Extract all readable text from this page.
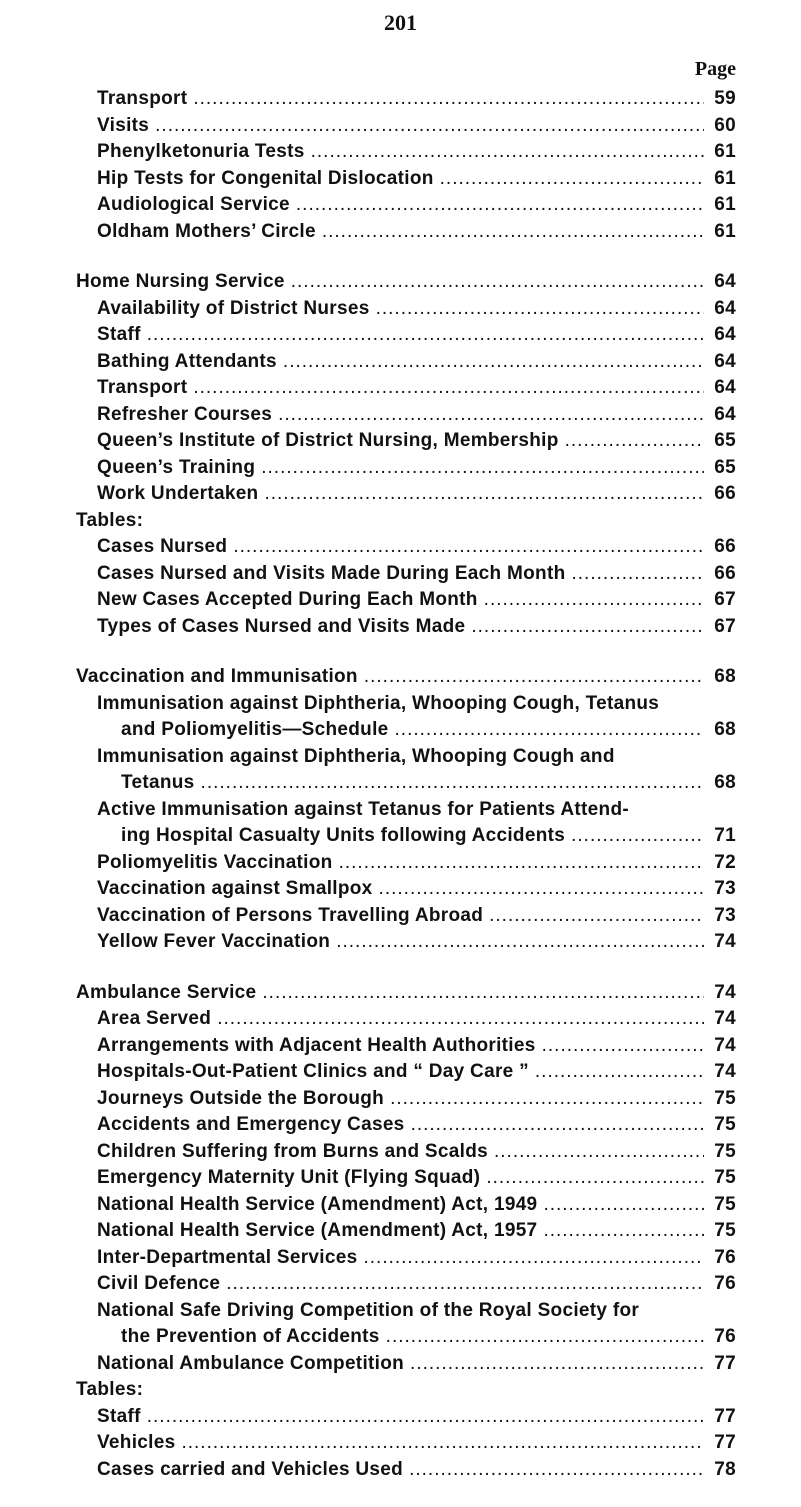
201
Page
Transport .....	59
Visits .....	60
Phenylketonuria Tests .....	61
Hip Tests for Congenital Dislocation .....	61
Audiological Service .....	61
Oldham Mothers’ Circle .....	61
Home Nursing Service .....	64
Availability of District Nurses .....	64
Staff .....	64
Bathing Attendants .....	64
Transport .....	64
Refresher Courses .....	64
Queen’s Institute of District Nursing, Membership .....	65
Queen’s Training .....	65
Work Undertaken .....	66
Tables:
Cases Nursed .....	66
Cases Nursed and Visits Made During Each Month .....	66
New Cases Accepted During Each Month .....	67
Types of Cases Nursed and Visits Made .....	67
Vaccination and Immunisation .....	68
Immunisation against Diphtheria, Whooping Cough, Tetanus
and Poliomyelitis—Schedule .....	68
Immunisation against Diphtheria, Whooping Cough and
Tetanus .....	68
Active Immunisation against Tetanus for Patients Attend-
ing Hospital Casualty Units following Accidents .....	71
Poliomyelitis Vaccination .....	72
Vaccination against Smallpox .....	73
Vaccination of Persons Travelling Abroad .....	73
Yellow Fever Vaccination .....	74
Ambulance Service .....	74
Area Served .....	74
Arrangements with Adjacent Health Authorities .....	74
Hospitals-Out-Patient Clinics and “ Day Care ” .....	74
Journeys Outside the Borough .....	75
Accidents and Emergency Cases .....	75
Children Suffering from Burns and Scalds .....	75
Emergency Maternity Unit (Flying Squad) .....	75
National Health Service (Amendment) Act, 1949 .....	75
National Health Service (Amendment) Act, 1957 .....	75
Inter-Departmental Services .....	76
Civil Defence .....	76
National Safe Driving Competition of the Royal Society for
the Prevention of Accidents .....	76
National Ambulance Competition .....	77
Tables:
Staff .....	77
Vehicles .....	77
Cases carried and Vehicles Used .....	78
